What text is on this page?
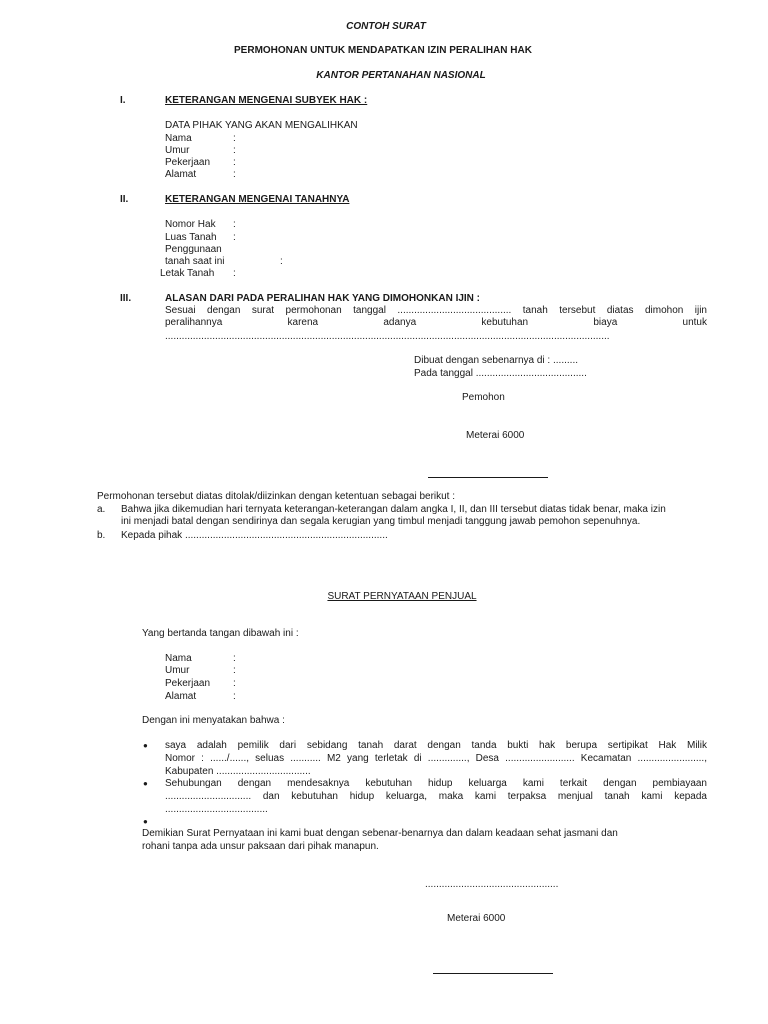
CONTOH SURAT
PERMOHONAN UNTUK MENDAPATKAN IZIN PERALIHAN HAK
KANTOR PERTANAHAN NASIONAL
I.	KETERANGAN MENGENAI SUBYEK HAK :
DATA PIHAK YANG AKAN MENGALIHKAN
Nama	:
Umur	:
Pekerjaan :
Alamat	:
II.	KETERANGAN MENGENAI TANAHNYA
Nomor Hak :
Luas Tanah :
Penggunaan
tanah saat ini	:
Letak Tanah :
III.	ALASAN DARI PADA PERALIHAN HAK YANG DIMOHONKAN IJIN :
Sesuai dengan surat permohonan tanggal ......................................... tanah tersebut diatas dimohon ijin
peralihannya karena adanya kebutuhan biaya untuk
................................................................................................................................................................
Dibuat dengan sebenarnya di : .........
Pada tanggal ........................................
Pemohon
Meterai 6000
Permohonan tersebut diatas ditolak/diizinkan dengan ketentuan sebagai berikut :
a. Bahwa jika dikemudian hari ternyata keterangan-keterangan dalam angka I, II, dan III tersebut diatas tidak benar, maka izin
ini menjadi batal dengan sendirinya dan segala kerugian yang timbul menjadi tanggung jawab pemohon sepenuhnya.
b. Kepada pihak .........................................................................
SURAT PERNYATAAN PENJUAL
Yang bertanda tangan dibawah ini :
Nama	:
Umur	:
Pekerjaan :
Alamat	:
Dengan ini menyatakan bahwa :
● saya adalah pemilik dari sebidang tanah darat dengan tanda bukti hak berupa sertipikat Hak Milik
Nomor : ....../......, seluas ........... M2 yang terletak di .............., Desa ......................... Kecamatan ........................,
Kabupaten ..................................
● Sehubungan dengan mendesaknya kebutuhan hidup keluarga kami terkait dengan pembiayaan
............................... dan kebutuhan hidup keluarga, maka kami terpaksa menjual tanah kami kepada
.....................................
●
Demikian Surat Pernyataan ini kami buat dengan sebenar-benarnya dan dalam keadaan sehat jasmani dan
rohani tanpa ada unsur paksaan dari pihak manapun.
................................................
Meterai 6000
